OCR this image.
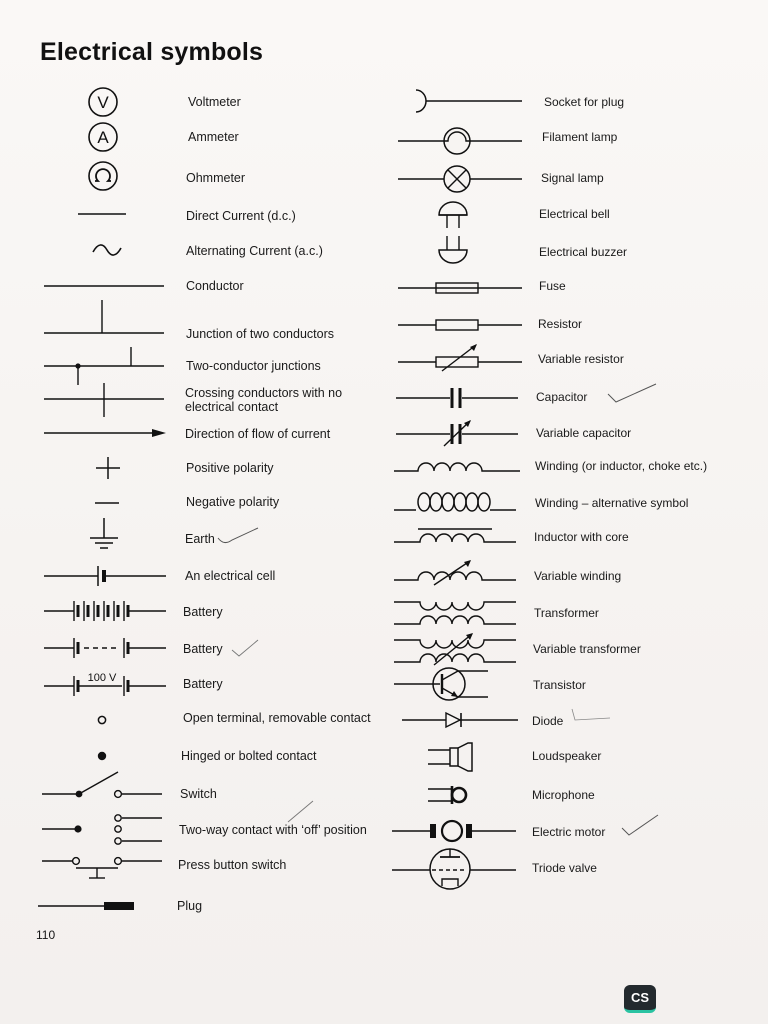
Electrical symbols
V
A
100 V
Voltmeter
Ammeter
Ohmmeter
Direct Current (d.c.)
Alternating Current (a.c.)
Conductor
Junction of two conductors
Two-conductor junctions
Crossing conductors with no electrical contact
Direction of flow of current
Positive polarity
Negative polarity
Earth
An electrical cell
Battery
Battery
Battery
Open terminal, removable contact
Hinged or bolted contact
Switch
Two-way contact with ‘off’ position
Press button switch
Plug
Socket for plug
Filament lamp
Signal lamp
Electrical bell
Electrical buzzer
Fuse
Resistor
Variable resistor
Capacitor
Variable capacitor
Winding (or inductor, choke etc.)
Winding – alternative symbol
Inductor with core
Variable winding
Transformer
Variable transformer
Transistor
Diode
Loudspeaker
Microphone
Electric motor
Triode valve
110
CS
